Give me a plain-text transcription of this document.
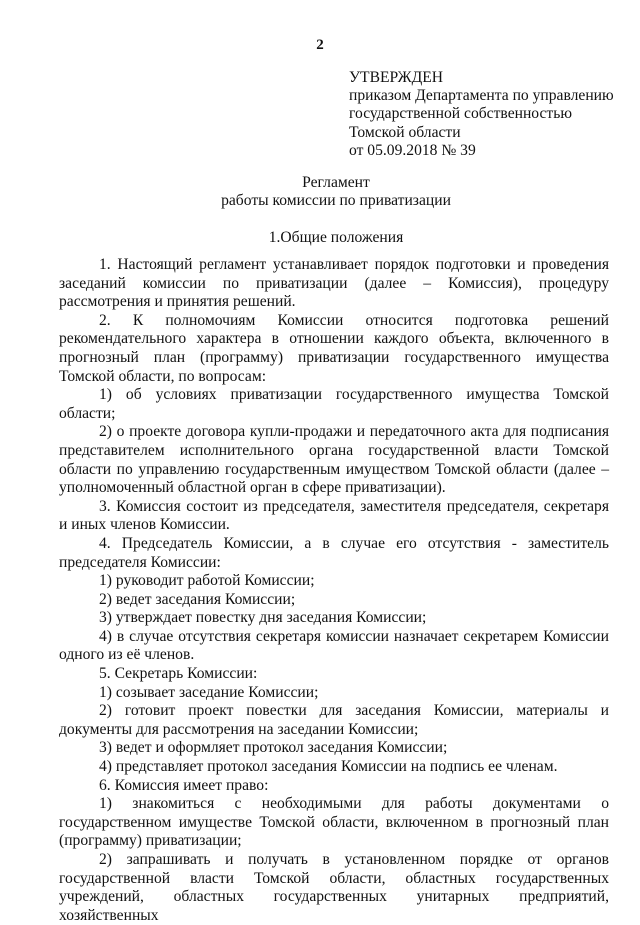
2
УТВЕРЖДЕН
приказом Департамента по управлению
государственной собственностью
Томской области
от 05.09.2018 № 39
Регламент
работы комиссии по приватизации
1.Общие положения

1. Настоящий регламент устанавливает порядок подготовки и проведения заседаний комиссии по приватизации (далее – Комиссия), процедуру рассмотрения и принятия решений.

2. К полномочиям Комиссии относится подготовка решений рекомендательного характера в отношении каждого объекта, включенного в прогнозный план (программу) приватизации государственного имущества Томской области, по вопросам:

1) об условиях приватизации государственного имущества Томской области;

2) о проекте договора купли-продажи и передаточного акта для подписания представителем исполнительного органа государственной власти Томской области по управлению государственным имуществом Томской области (далее – уполномоченный областной орган в сфере приватизации).

3. Комиссия состоит из председателя, заместителя председателя, секретаря и иных членов Комиссии.

4. Председатель Комиссии, а в случае его отсутствия - заместитель председателя Комиссии:

1) руководит работой Комиссии;

2) ведет заседания Комиссии;

3) утверждает повестку дня заседания Комиссии;

4) в случае отсутствия секретаря комиссии назначает секретарем Комиссии одного из её членов.

5. Секретарь Комиссии:

1) созывает заседание Комиссии;

2) готовит проект повестки для заседания Комиссии, материалы и документы для рассмотрения на заседании Комиссии;

3) ведет и оформляет протокол заседания Комиссии;

4) представляет протокол заседания Комиссии на подпись ее членам.

6. Комиссия имеет право:

1) знакомиться с необходимыми для работы документами о государственном имуществе Томской области, включенном в прогнозный план (программу) приватизации;

2) запрашивать и получать в установленном порядке от органов государственной власти Томской области, областных государственных учреждений, областных государственных унитарных предприятий, хозяйственных
